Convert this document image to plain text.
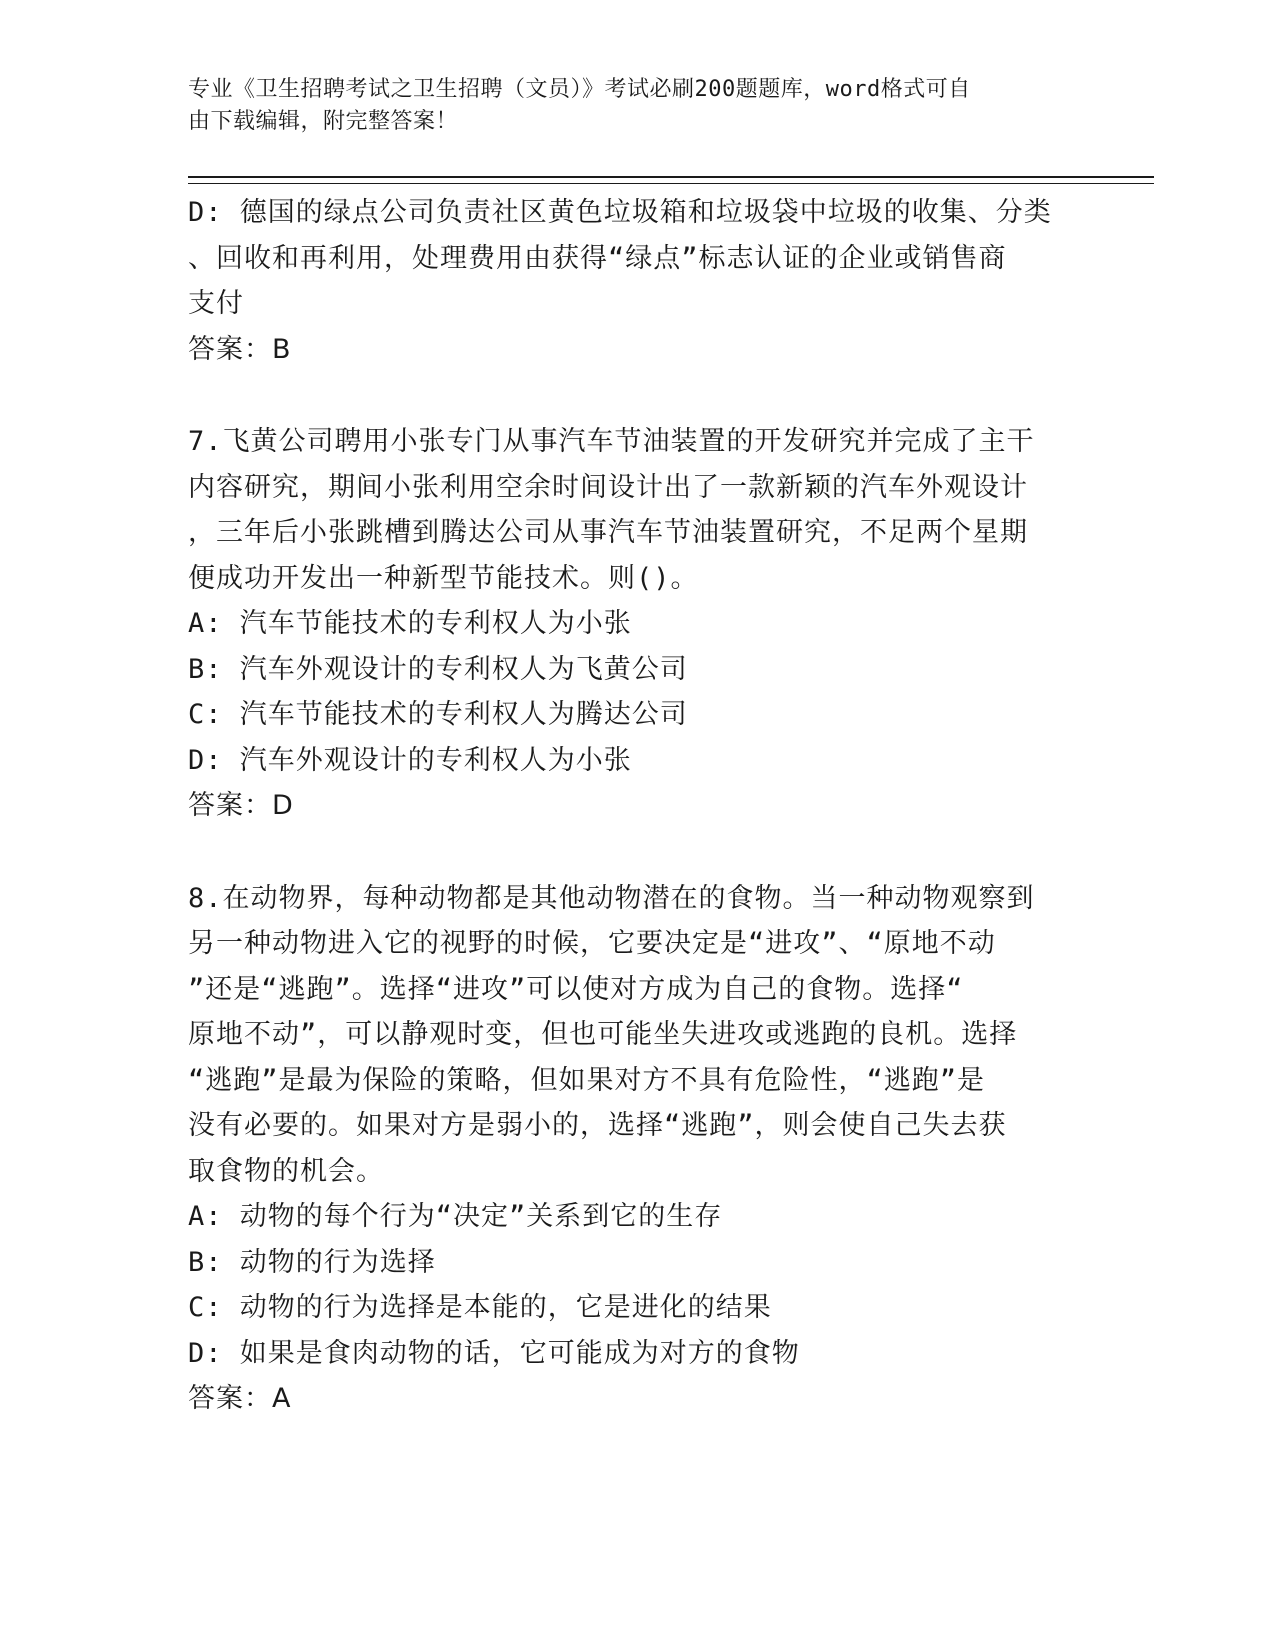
专业《卫生招聘考试之卫生招聘（文员）》考试必刷200题题库，word格式可自
由下载编辑，附完整答案！

D: 德国的绿点公司负责社区黄色垃圾箱和垃圾袋中垃圾的收集、分类

、回收和再利用，处理费用由获得“绿点”标志认证的企业或销售商

支付

答案：B

7.飞黄公司聘用小张专门从事汽车节油装置的开发研究并完成了主干

内容研究，期间小张利用空余时间设计出了一款新颖的汽车外观设计

，三年后小张跳槽到腾达公司从事汽车节油装置研究，不足两个星期

便成功开发出一种新型节能技术。则()。

A: 汽车节能技术的专利权人为小张

B: 汽车外观设计的专利权人为飞黄公司

C: 汽车节能技术的专利权人为腾达公司

D: 汽车外观设计的专利权人为小张

答案：D

8.在动物界，每种动物都是其他动物潜在的食物。当一种动物观察到

另一种动物进入它的视野的时候，它要决定是“进攻”、“原地不动

”还是“逃跑”。选择“进攻”可以使对方成为自己的食物。选择“

原地不动”，可以静观时变，但也可能坐失进攻或逃跑的良机。选择

“逃跑”是最为保险的策略，但如果对方不具有危险性，“逃跑”是

没有必要的。如果对方是弱小的，选择“逃跑”，则会使自己失去获

取食物的机会。

A: 动物的每个行为“决定”关系到它的生存

B: 动物的行为选择

C: 动物的行为选择是本能的，它是进化的结果

D: 如果是食肉动物的话，它可能成为对方的食物

答案：A
